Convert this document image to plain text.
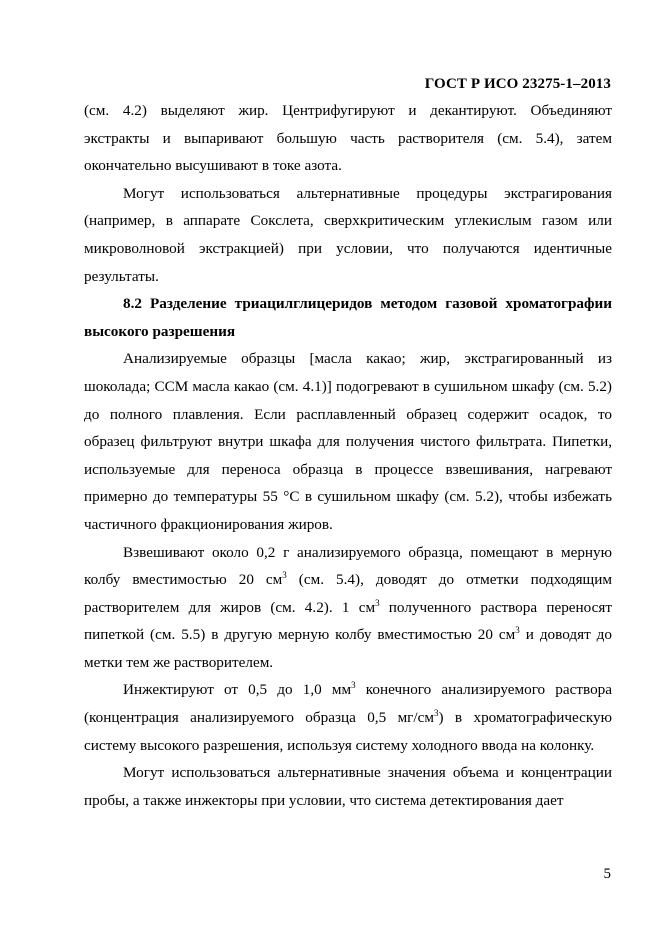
ГОСТ Р ИСО 23275-1–2013

(см. 4.2) выделяют жир. Центрифугируют и декантируют. Объединяют экстракты и выпаривают большую часть растворителя (см. 5.4), затем окончательно высушивают в токе азота.

Могут использоваться альтернативные процедуры экстрагирования (например, в аппарате Сокслета, сверхкритическим углекислым газом или микроволновой экстракцией) при условии, что получаются идентичные результаты.

8.2 Разделение триацилглицеридов методом газовой хроматографии высокого разрешения

Анализируемые образцы [масла какао; жир, экстрагированный из шоколада; CCM масла какао (см. 4.1)] подогревают в сушильном шкафу (см. 5.2) до полного плавления. Если расплавленный образец содержит осадок, то образец фильтруют внутри шкафа для получения чистого фильтрата. Пипетки, используемые для переноса образца в процессе взвешивания, нагревают примерно до температуры 55 °C в сушильном шкафу (см. 5.2), чтобы избежать частичного фракционирования жиров.

Взвешивают около 0,2 г анализируемого образца, помещают в мерную колбу вместимостью 20 $см^3$ (см. 5.4), доводят до отметки подходящим растворителем для жиров (см. 4.2). 1 $см^3$ полученного раствора переносят пипеткой (см. 5.5) в другую мерную колбу вместимостью 20 $см^3$ и доводят до метки тем же растворителем.

Инжектируют от 0,5 до 1,0 $мм^3$ конечного анализируемого раствора (концентрация анализируемого образца 0,5 $мг/см^3$) в хроматографическую систему высокого разрешения, используя систему холодного ввода на колонку.

Могут использоваться альтернативные значения объема и концентрации пробы, а также инжекторы при условии, что система детектирования дает

5
